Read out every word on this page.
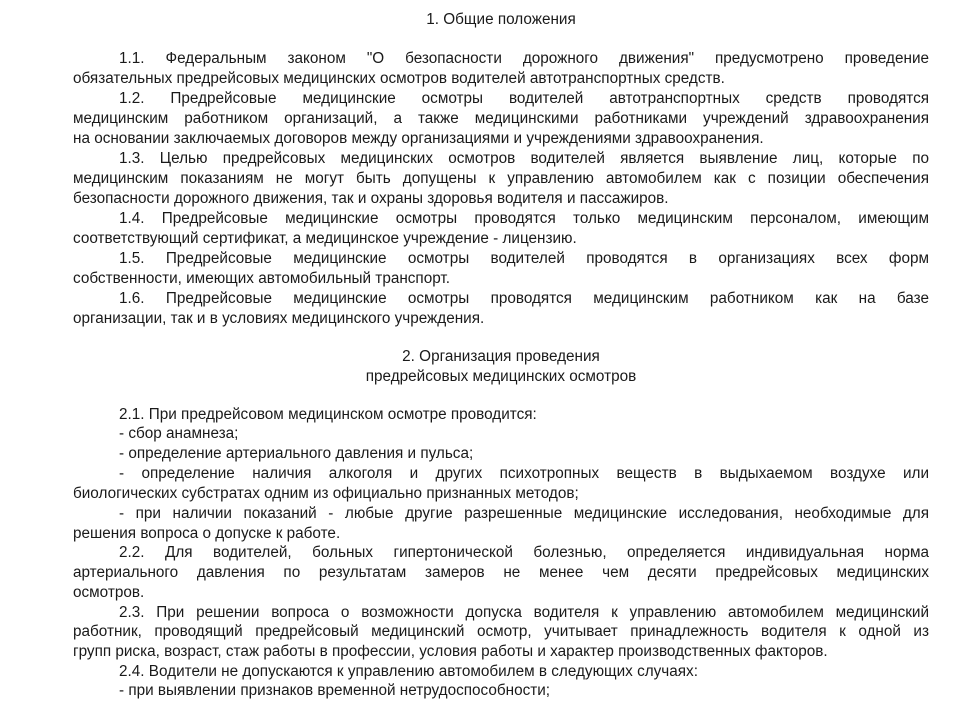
1. Общие положения
1.1. Федеральным законом "О безопасности дорожного движения" предусмотрено проведение
обязательных предрейсовых медицинских осмотров водителей автотранспортных средств.
1.2. Предрейсовые медицинские осмотры водителей автотранспортных средств проводятся
медицинским работником организаций, а также медицинскими работниками учреждений здравоохранения
на основании заключаемых договоров между организациями и учреждениями здравоохранения.
1.3. Целью предрейсовых медицинских осмотров водителей является выявление лиц, которые по
медицинским показаниям не могут быть допущены к управлению автомобилем как с позиции обеспечения
безопасности дорожного движения, так и охраны здоровья водителя и пассажиров.
1.4. Предрейсовые медицинские осмотры проводятся только медицинским персоналом, имеющим
соответствующий сертификат, а медицинское учреждение - лицензию.
1.5. Предрейсовые медицинские осмотры водителей проводятся в организациях всех форм
собственности, имеющих автомобильный транспорт.
1.6. Предрейсовые медицинские осмотры проводятся медицинским работником как на базе
организации, так и в условиях медицинского учреждения.
2. Организация проведения
предрейсовых медицинских осмотров
2.1. При предрейсовом медицинском осмотре проводится:
- сбор анамнеза;
- определение артериального давления и пульса;
- определение наличия алкоголя и других психотропных веществ в выдыхаемом воздухе или
биологических субстратах одним из официально признанных методов;
- при наличии показаний - любые другие разрешенные медицинские исследования, необходимые для
решения вопроса о допуске к работе.
2.2. Для водителей, больных гипертонической болезнью, определяется индивидуальная норма
артериального давления по результатам замеров не менее чем десяти предрейсовых медицинских
осмотров.
2.3. При решении вопроса о возможности допуска водителя к управлению автомобилем медицинский
работник, проводящий предрейсовый медицинский осмотр, учитывает принадлежность водителя к одной из
групп риска, возраст, стаж работы в профессии, условия работы и характер производственных факторов.
2.4. Водители не допускаются к управлению автомобилем в следующих случаях:
- при выявлении признаков временной нетрудоспособности;
